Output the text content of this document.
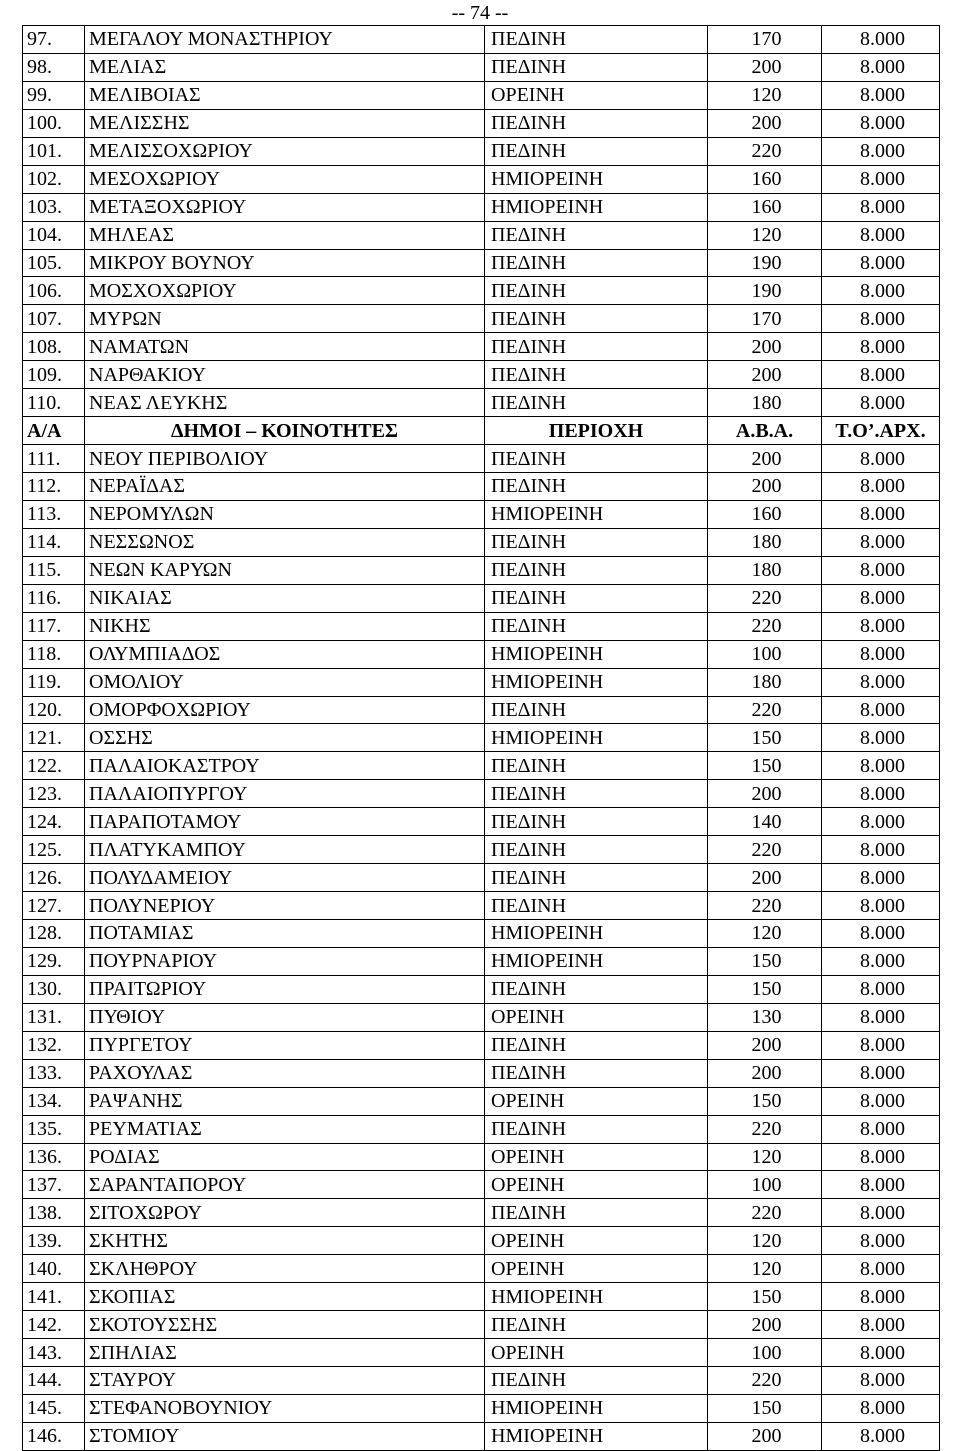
-- 74 --
97.	ΜΕΓΑΛΟΥ ΜΟΝΑΣΤΗΡΙΟΥ	ΠΕΔΙΝΗ	170	8.000
98.	ΜΕΛΙΑΣ	ΠΕΔΙΝΗ	200	8.000
99.	ΜΕΛΙΒΟΙΑΣ	ΟΡΕΙΝΗ	120	8.000
100.	ΜΕΛΙΣΣΗΣ	ΠΕΔΙΝΗ	200	8.000
101.	ΜΕΛΙΣΣΟΧΩΡΙΟΥ	ΠΕΔΙΝΗ	220	8.000
102.	ΜΕΣΟΧΩΡΙΟΥ	ΗΜΙΟΡΕΙΝΗ	160	8.000
103.	ΜΕΤΑΞΟΧΩΡΙΟΥ	ΗΜΙΟΡΕΙΝΗ	160	8.000
104.	ΜΗΛΕΑΣ	ΠΕΔΙΝΗ	120	8.000
105.	ΜΙΚΡΟΥ ΒΟΥΝΟΥ	ΠΕΔΙΝΗ	190	8.000
106.	ΜΟΣΧΟΧΩΡΙΟΥ	ΠΕΔΙΝΗ	190	8.000
107.	ΜΥΡΩΝ	ΠΕΔΙΝΗ	170	8.000
108.	ΝΑΜΑΤΩΝ	ΠΕΔΙΝΗ	200	8.000
109.	ΝΑΡΘΑΚΙΟΥ	ΠΕΔΙΝΗ	200	8.000
110.	ΝΕΑΣ ΛΕΥΚΗΣ	ΠΕΔΙΝΗ	180	8.000
Α/Α	ΔΗΜΟΙ – ΚΟΙΝΟΤΗΤΕΣ	ΠΕΡΙΟΧΗ	Α.Β.Α.	Τ.Ο’.ΑΡΧ.
111.	ΝΕΟΥ ΠΕΡΙΒΟΛΙΟΥ	ΠΕΔΙΝΗ	200	8.000
112.	ΝΕΡΑΪΔΑΣ	ΠΕΔΙΝΗ	200	8.000
113.	ΝΕΡΟΜΥΛΩΝ	ΗΜΙΟΡΕΙΝΗ	160	8.000
114.	ΝΕΣΣΩΝΟΣ	ΠΕΔΙΝΗ	180	8.000
115.	ΝΕΩΝ ΚΑΡΥΩΝ	ΠΕΔΙΝΗ	180	8.000
116.	ΝΙΚΑΙΑΣ	ΠΕΔΙΝΗ	220	8.000
117.	ΝΙΚΗΣ	ΠΕΔΙΝΗ	220	8.000
118.	ΟΛΥΜΠΙΑΔΟΣ	ΗΜΙΟΡΕΙΝΗ	100	8.000
119.	ΟΜΟΛΙΟΥ	ΗΜΙΟΡΕΙΝΗ	180	8.000
120.	ΟΜΟΡΦΟΧΩΡΙΟΥ	ΠΕΔΙΝΗ	220	8.000
121.	ΟΣΣΗΣ	ΗΜΙΟΡΕΙΝΗ	150	8.000
122.	ΠΑΛΑΙΟΚΑΣΤΡΟΥ	ΠΕΔΙΝΗ	150	8.000
123.	ΠΑΛΑΙΟΠΥΡΓΟΥ	ΠΕΔΙΝΗ	200	8.000
124.	ΠΑΡΑΠΟΤΑΜΟΥ	ΠΕΔΙΝΗ	140	8.000
125.	ΠΛΑΤΥΚΑΜΠΟΥ	ΠΕΔΙΝΗ	220	8.000
126.	ΠΟΛΥΔΑΜΕΙΟΥ	ΠΕΔΙΝΗ	200	8.000
127.	ΠΟΛΥΝΕΡΙΟΥ	ΠΕΔΙΝΗ	220	8.000
128.	ΠΟΤΑΜΙΑΣ	ΗΜΙΟΡΕΙΝΗ	120	8.000
129.	ΠΟΥΡΝΑΡΙΟΥ	ΗΜΙΟΡΕΙΝΗ	150	8.000
130.	ΠΡΑΙΤΩΡΙΟΥ	ΠΕΔΙΝΗ	150	8.000
131.	ΠΥΘΙΟΥ	ΟΡΕΙΝΗ	130	8.000
132.	ΠΥΡΓΕΤΟΥ	ΠΕΔΙΝΗ	200	8.000
133.	ΡΑΧΟΥΛΑΣ	ΠΕΔΙΝΗ	200	8.000
134.	ΡΑΨΑΝΗΣ	ΟΡΕΙΝΗ	150	8.000
135.	ΡΕΥΜΑΤΙΑΣ	ΠΕΔΙΝΗ	220	8.000
136.	ΡΟΔΙΑΣ	ΟΡΕΙΝΗ	120	8.000
137.	ΣΑΡΑΝΤΑΠΟΡΟΥ	ΟΡΕΙΝΗ	100	8.000
138.	ΣΙΤΟΧΩΡΟΥ	ΠΕΔΙΝΗ	220	8.000
139.	ΣΚΗΤΗΣ	ΟΡΕΙΝΗ	120	8.000
140.	ΣΚΛΗΘΡΟΥ	ΟΡΕΙΝΗ	120	8.000
141.	ΣΚΟΠΙΑΣ	ΗΜΙΟΡΕΙΝΗ	150	8.000
142.	ΣΚΟΤΟΥΣΣΗΣ	ΠΕΔΙΝΗ	200	8.000
143.	ΣΠΗΛΙΑΣ	ΟΡΕΙΝΗ	100	8.000
144.	ΣΤΑΥΡΟΥ	ΠΕΔΙΝΗ	220	8.000
145.	ΣΤΕΦΑΝΟΒΟΥΝΙΟΥ	ΗΜΙΟΡΕΙΝΗ	150	8.000
146.	ΣΤΟΜΙΟΥ	ΗΜΙΟΡΕΙΝΗ	200	8.000
